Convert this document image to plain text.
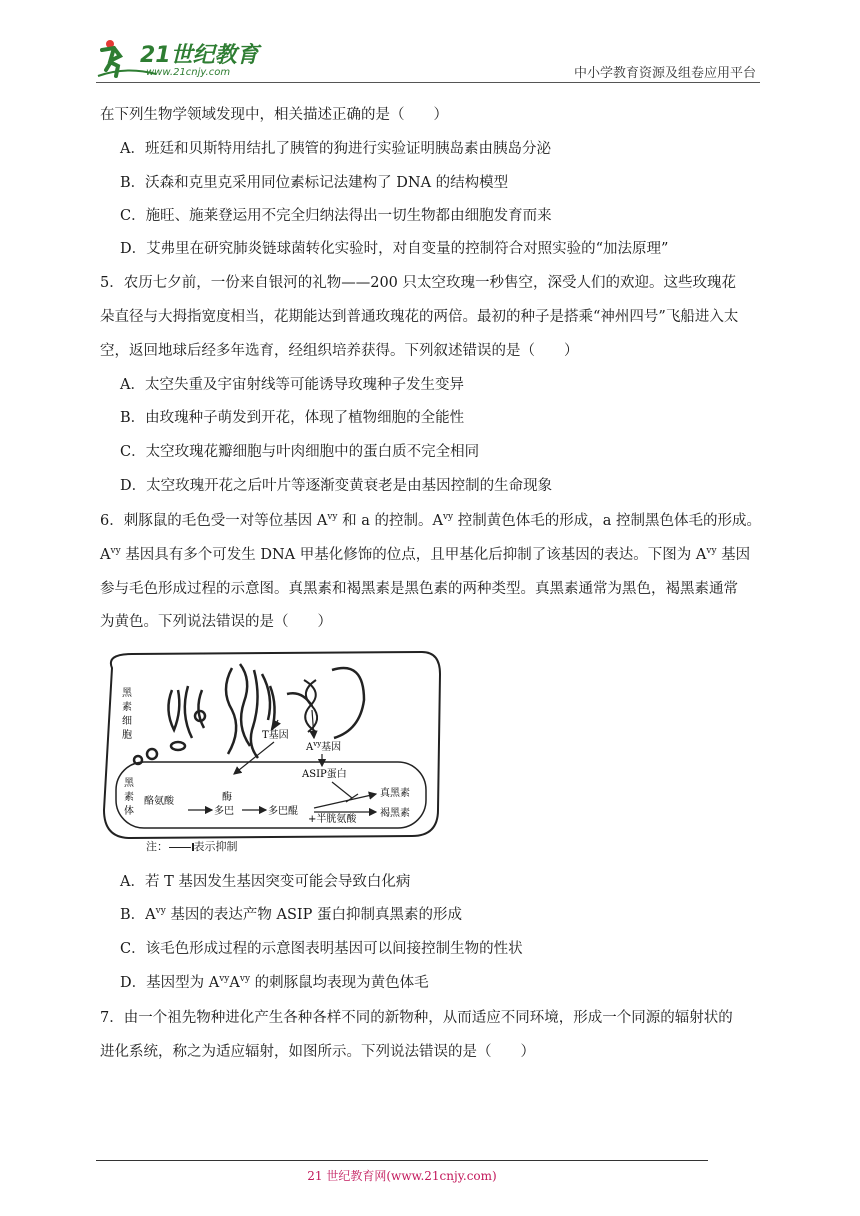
21世纪教育
www.21cnjy.com	中小学教育资源及组卷应用平台
在下列生物学领域发现中，相关描述正确的是（　　）
A．班廷和贝斯特用结扎了胰管的狗进行实验证明胰岛素由胰岛分泌
B．沃森和克里克采用同位素标记法建构了 DNA 的结构模型
C．施旺、施莱登运用不完全归纳法得出一切生物都由细胞发育而来
D．艾弗里在研究肺炎链球菌转化实验时，对自变量的控制符合对照实验的“加法原理”
5．农历七夕前，一份来自银河的礼物——200 只太空玫瑰一秒售空，深受人们的欢迎。这些玫瑰花
朵直径与大拇指宽度相当，花期能达到普通玫瑰花的两倍。最初的种子是搭乘“神州四号”飞船进入太
空，返回地球后经多年选育，经组织培养获得。下列叙述错误的是（　　）
A．太空失重及宇宙射线等可能诱导玫瑰种子发生变异
B．由玫瑰种子萌发到开花，体现了植物细胞的全能性
C．太空玫瑰花瓣细胞与叶肉细胞中的蛋白质不完全相同
D．太空玫瑰开花之后叶片等逐渐变黄衰老是由基因控制的生命现象
6．刺豚鼠的毛色受一对等位基因 $A^{vy}$ 和 a 的控制。$A^{vy}$ 控制黄色体毛的形成，a 控制黑色体毛的形成。
$A^{vy}$ 基因具有多个可发生 DNA 甲基化修饰的位点，且甲基化后抑制了该基因的表达。下图为 $A^{vy}$ 基因
参与毛色形成过程的示意图。真黑素和褐黑素是黑色素的两种类型。真黑素通常为黑色，褐黑素通常
为黄色。下列说法错误的是（　　）
黑
素
细
胞
黑
素
体
T基因
$A^{vy}$基因
ASIP蛋白
酪氨酸	酶
多巴	多巴醌
+半胱氨酸
真黑素
褐黑素
注： 表示抑制
A．若 T 基因发生基因突变可能会导致白化病
B．$A^{vy}$ 基因的表达产物 ASIP 蛋白抑制真黑素的形成
C．该毛色形成过程的示意图表明基因可以间接控制生物的性状
D．基因型为 $A^{vy}A^{vy}$ 的刺豚鼠均表现为黄色体毛
7．由一个祖先物种进化产生各种各样不同的新物种，从而适应不同环境，形成一个同源的辐射状的
进化系统，称之为适应辐射，如图所示。下列说法错误的是（　　）
21 世纪教育网(www.21cnjy.com)
